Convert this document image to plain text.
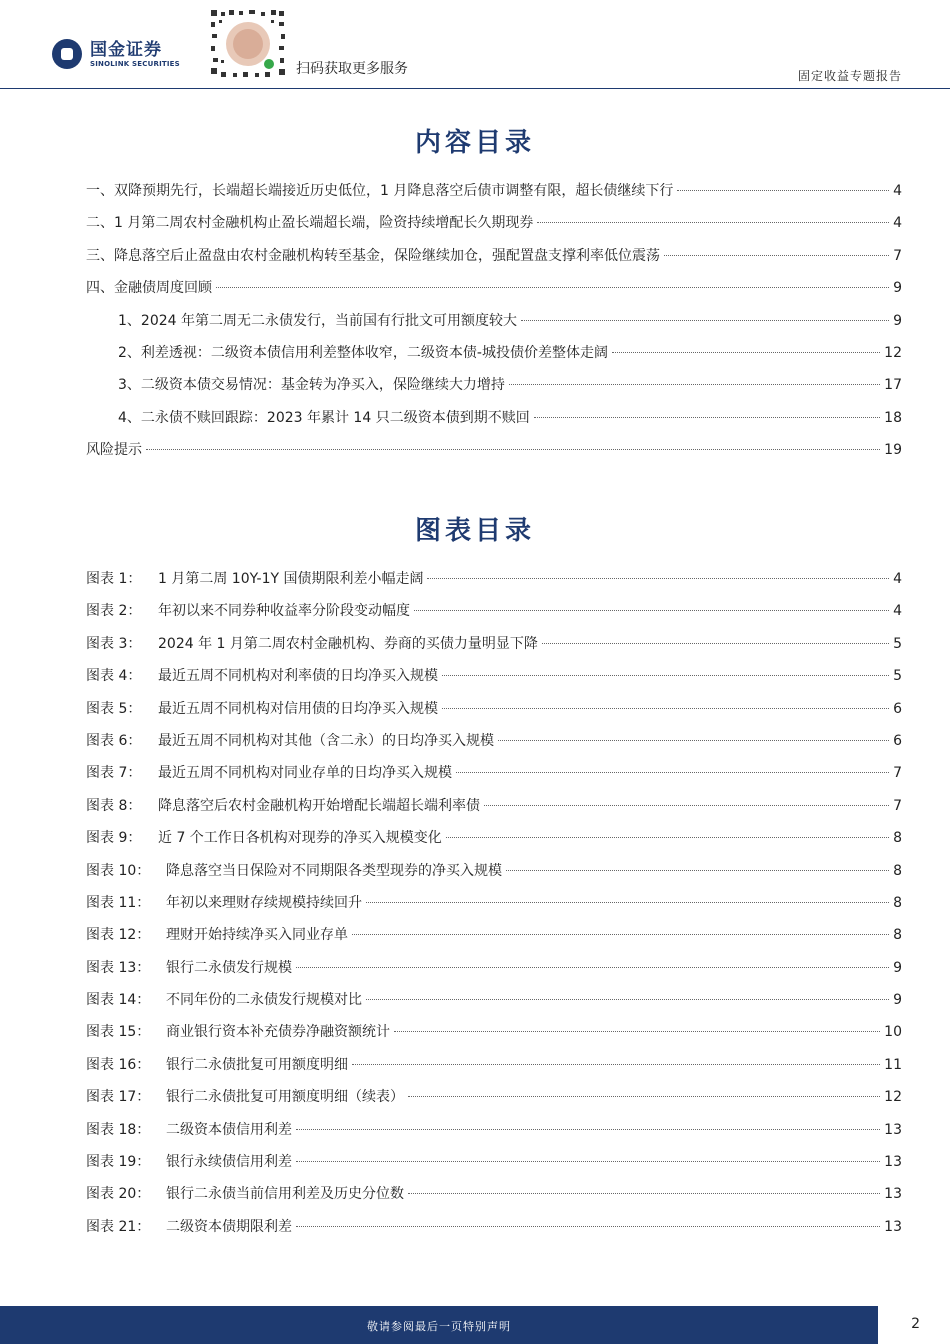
国金证券
SINOLINK SECURITIES	扫码获取更多服务	固定收益专题报告
内容目录
一、双降预期先行，长端超长端接近历史低位，1 月降息落空后债市调整有限，超长债继续下行	4
二、1 月第二周农村金融机构止盈长端超长端，险资持续增配长久期现券	4
三、降息落空后止盈盘由农村金融机构转至基金，保险继续加仓，强配置盘支撑利率低位震荡	7
四、金融债周度回顾	9
1、2024 年第二周无二永债发行，当前国有行批文可用额度较大	9
2、利差透视：二级资本债信用利差整体收窄，二级资本债-城投债价差整体走阔	12
3、二级资本债交易情况：基金转为净买入，保险继续大力增持	17
4、二永债不赎回跟踪：2023 年累计 14 只二级资本债到期不赎回	18
风险提示	19
图表目录
图表 1：	1 月第二周 10Y-1Y 国债期限利差小幅走阔	4
图表 2：	年初以来不同券种收益率分阶段变动幅度	4
图表 3：	2024 年 1 月第二周农村金融机构、券商的买债力量明显下降	5
图表 4：	最近五周不同机构对利率债的日均净买入规模	5
图表 5：	最近五周不同机构对信用债的日均净买入规模	6
图表 6：	最近五周不同机构对其他（含二永）的日均净买入规模	6
图表 7：	最近五周不同机构对同业存单的日均净买入规模	7
图表 8：	降息落空后农村金融机构开始增配长端超长端利率债	7
图表 9：	近 7 个工作日各机构对现券的净买入规模变化	8
图表 10：	降息落空当日保险对不同期限各类型现券的净买入规模	8
图表 11：	年初以来理财存续规模持续回升	8
图表 12：	理财开始持续净买入同业存单	8
图表 13：	银行二永债发行规模	9
图表 14：	不同年份的二永债发行规模对比	9
图表 15：	商业银行资本补充债券净融资额统计	10
图表 16：	银行二永债批复可用额度明细	11
图表 17：	银行二永债批复可用额度明细（续表）	12
图表 18：	二级资本债信用利差	13
图表 19：	银行永续债信用利差	13
图表 20：	银行二永债当前信用利差及历史分位数	13
图表 21：	二级资本债期限利差	13
敬请参阅最后一页特别声明	2
